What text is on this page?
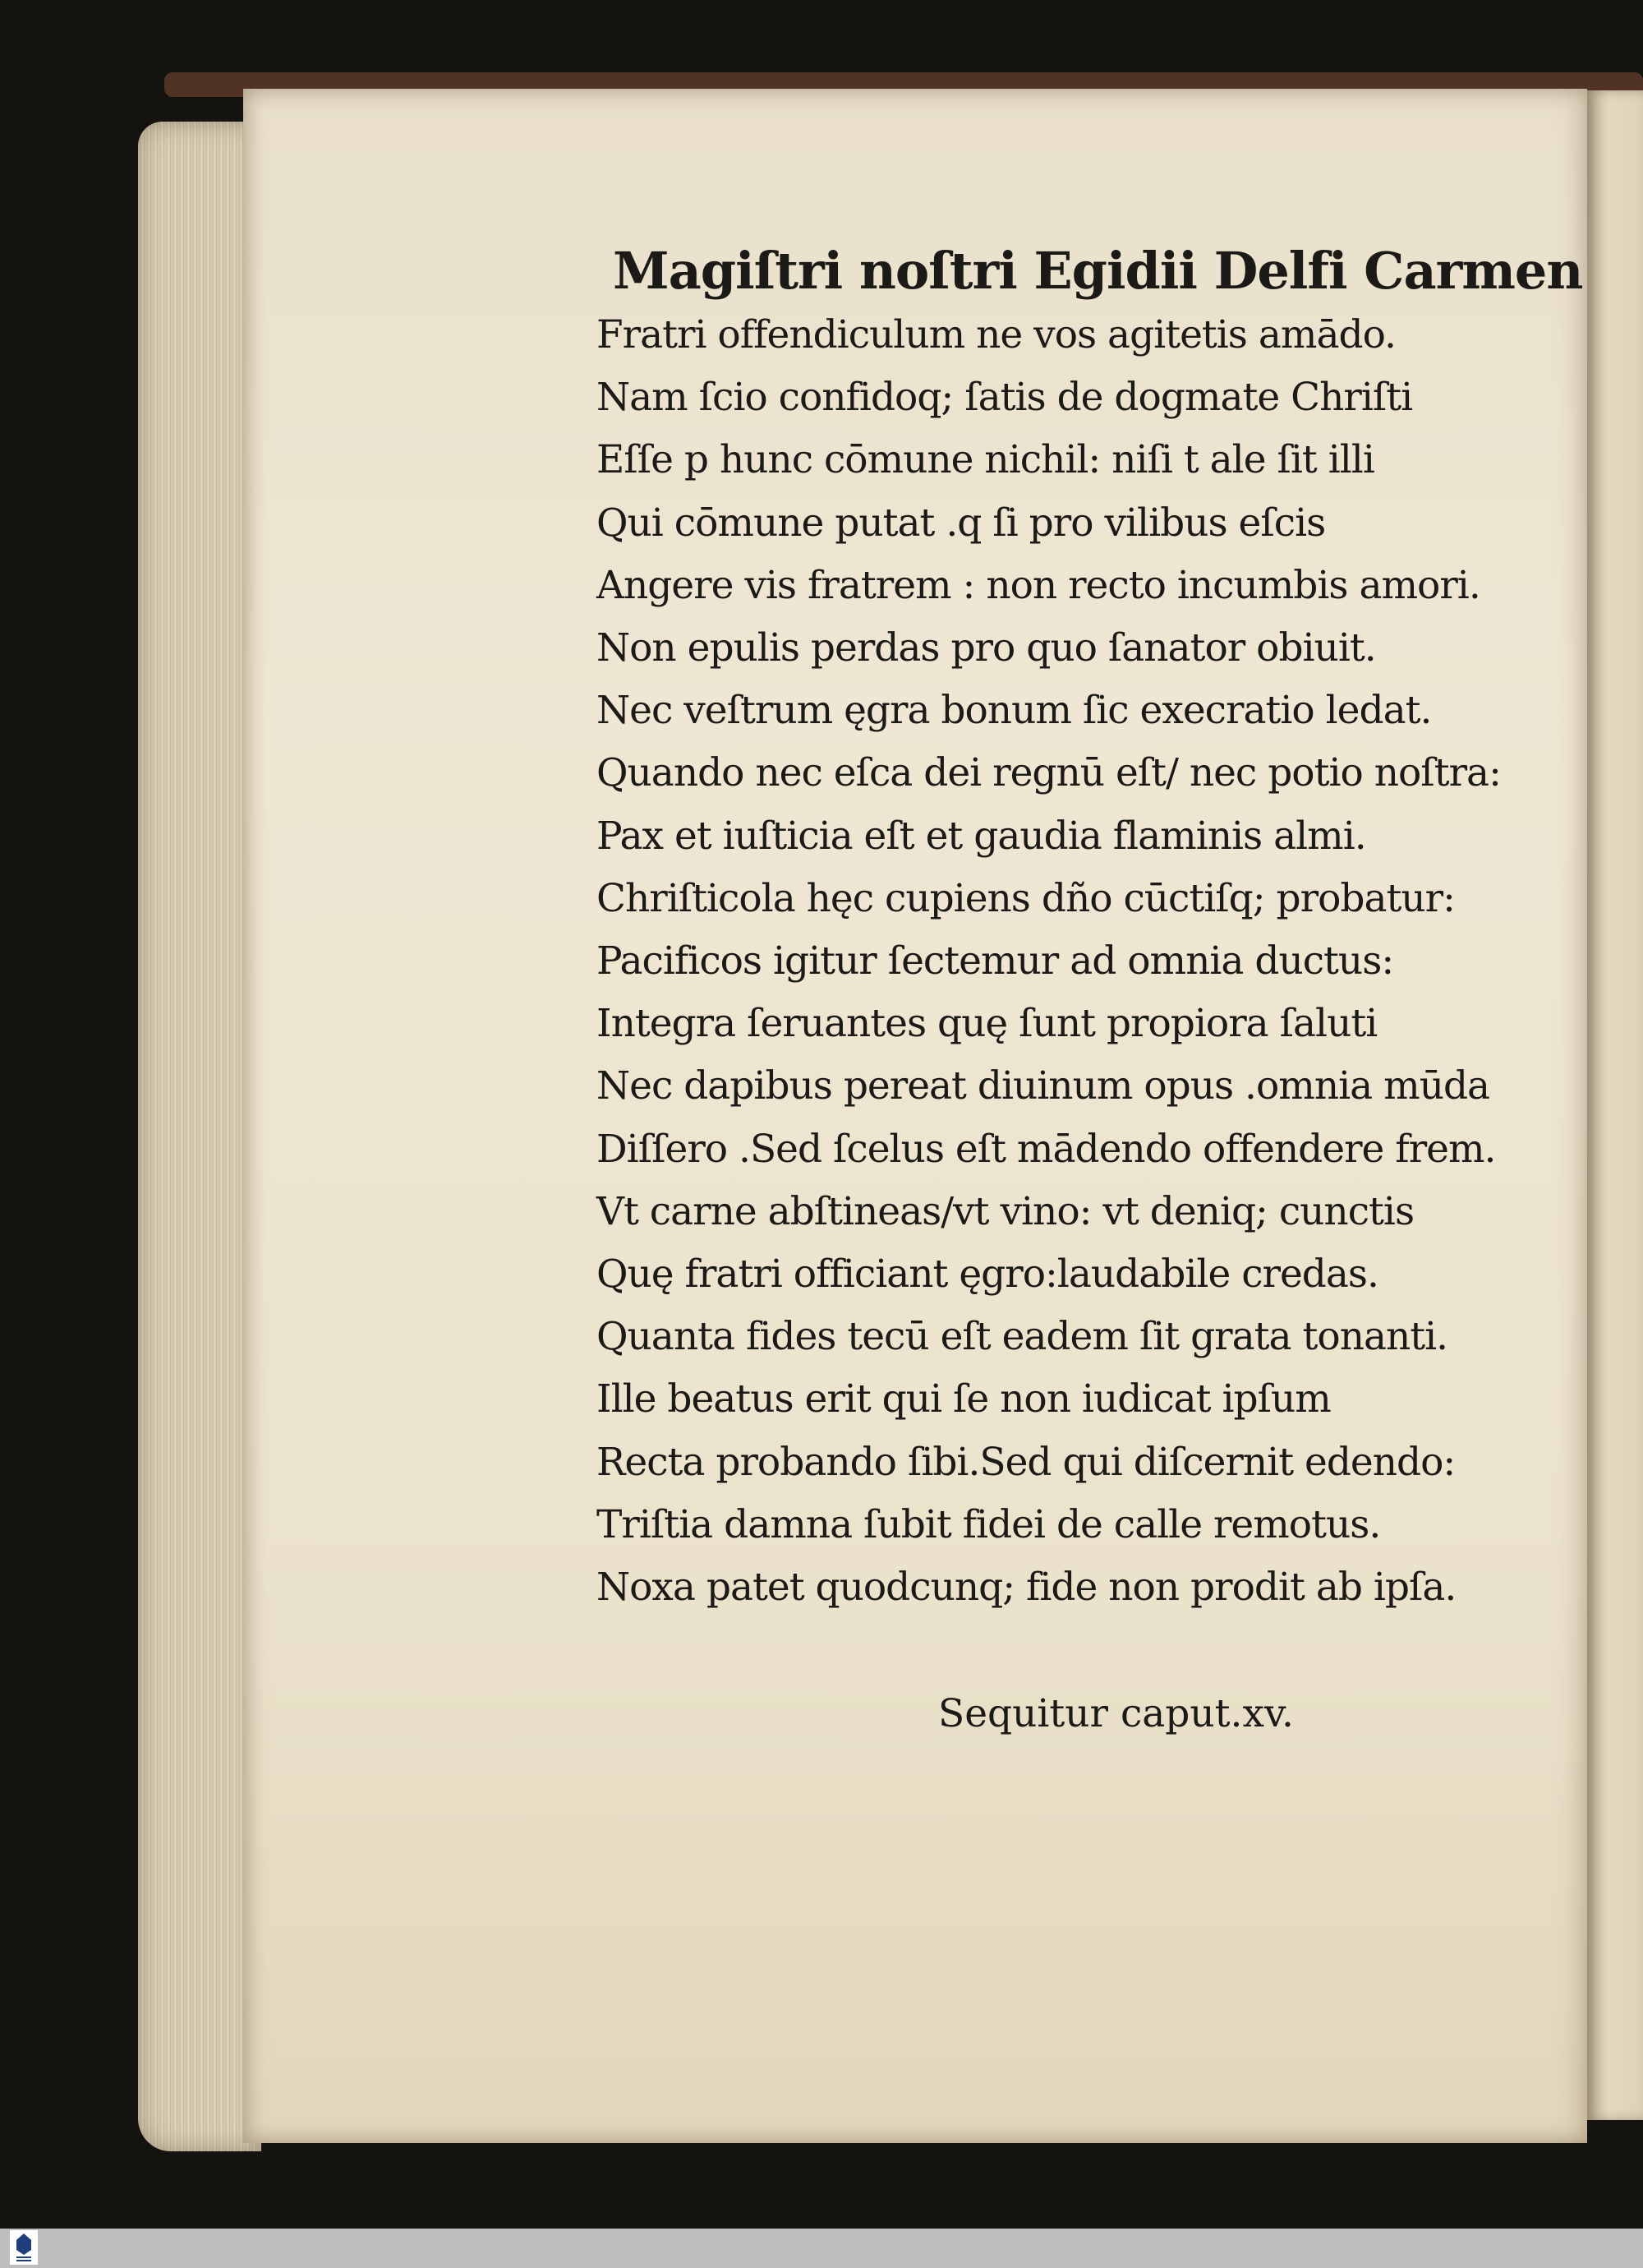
Magiſtri noſtri Egidii Delfi Carmen
Fratri offendiculum ne vos agitetis amādo.
Nam ſcio confidoq; ſatis de dogmate Chriſti
Eſſe p hunc cōmune nichil: niſi t ale ſit illi
Qui cōmune putat .q ſi pro vilibus eſcis
Angere vis fratrem : non recto incumbis amori.
Non epulis perdas pro quo ſanator obiuit.
Nec veſtrum ęgra bonum ſic execratio ledat.
Quando nec eſca dei regnū eſt/ nec potio noſtra:
Pax et iuſticia eſt et gaudia flaminis almi.
Chriſticola hęc cupiens dño cūctiſq; probatur:
Pacificos igitur ſectemur ad omnia ductus:
Integra ſeruantes quę ſunt propiora ſaluti
Nec dapibus pereat diuinum opus .omnia mūda
Diſſero .Sed ſcelus eſt mādendo offendere frem.
Vt carne abſtineas/vt vino: vt deniq; cunctis
Quę fratri officiant ęgro:laudabile credas.
Quanta fides tecū eſt eadem ſit grata tonanti.
Ille beatus erit qui ſe non iudicat ipſum
Recta probando ſibi.Sed qui diſcernit edendo:
Triſtia damna ſubit fidei de calle remotus.
Noxa patet quodcunq; fide non prodit ab ipſa.
Sequitur caput.xv.
